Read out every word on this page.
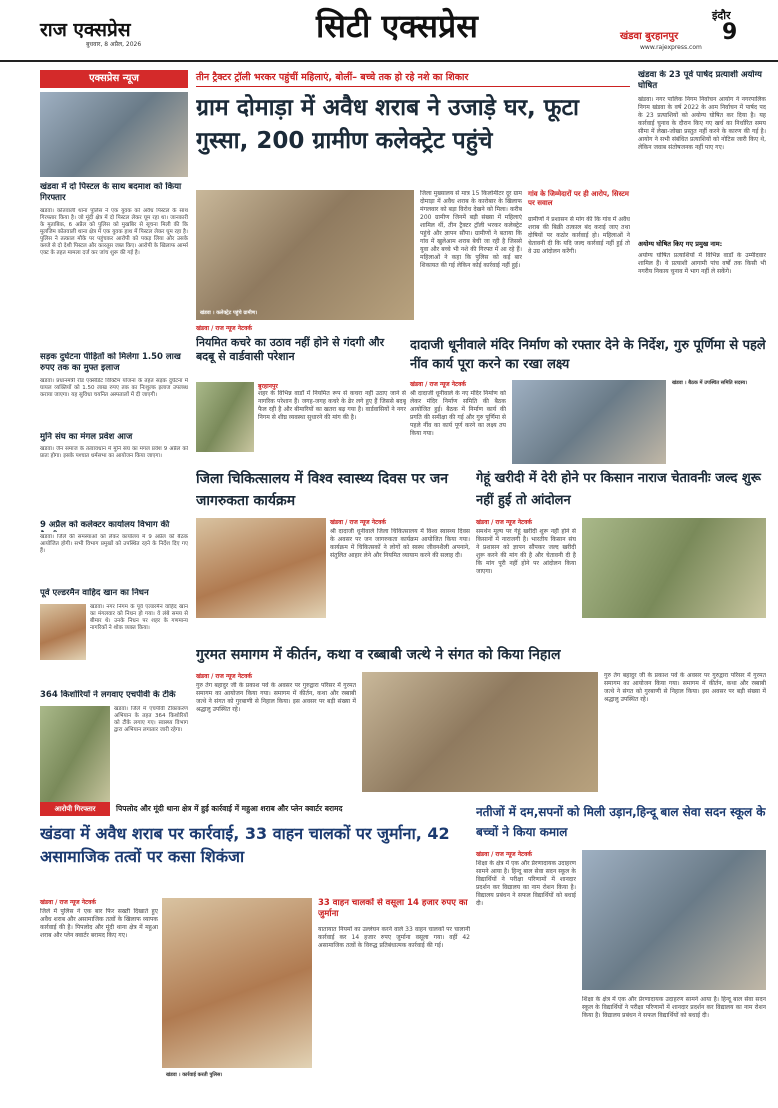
राज एक्सप्रेस
बुधवार, 8 अप्रैल, 2026	सिटी एक्सप्रेस	खंडवा बुरहानपुर
इंदौर
9
www.rajexpress.com
एक्सप्रेस न्यूज
खंडवा में दो पिस्टल के साथ बदमाश को किया गिरफ्तार
खंडवा। कोतवाली थाना पुलिस ने एक युवक को अवैध पिस्टल के साथ गिरफ्तार किया है। जो मूंदी क्षेत्र में दो पिस्टल लेकर घूम रहा था। जानकारी के मुताबिक, 6 अप्रैल को पुलिस को मुखबिर से सूचना मिली की कि मुलजिम कोतवाली थाना क्षेत्र में एक युवक हाथ में पिस्टल लेकर घूम रहा है। पुलिस ने तत्काल मौके पर पहुंचकर आरोपी को पकड़ लिया और उसके कब्जे से दो देशी पिस्टल और कारतूस जब्त किए। आरोपी के खिलाफ आर्म्स एक्ट के तहत मामला दर्ज कर जांच शुरू की गई है।
सड़क दुर्घटना पीड़ितों को मिलेगा 1.50 लाख रुपए तक का मुफ्त इलाज
खंडवा। प्रधानमंत्री रोड एक्सीडेंट विक्टिम योजना के तहत सड़क दुर्घटना में घायल व्यक्तियों को 1.50 लाख रुपए तक का निःशुल्क इलाज उपलब्ध कराया जाएगा। यह सुविधा चयनित अस्पतालों में दी जाएगी।
मुनि संघ का मंगल प्रवेश आज
खंडवा। जैन समाज के तत्वावधान में मुनि संघ का मंगल प्रवेश 9 अप्रैल को प्रातः होगा। इसके पश्चात धर्मसभा का आयोजन किया जाएगा।
9 अप्रैल को कलेक्टर कार्यालय विभाग की
खंडवा। जिले की समस्याओं को लेकर कार्यालय में 9 अप्रैल को बैठक आयोजित होगी। सभी विभाग प्रमुखों को उपस्थित रहने के निर्देश दिए गए हैं।
पूर्व एल्डरमैन वाहिद खान का निधन
खंडवा। नगर निगम के पूर्व एल्डरमैन वाहिद खान का मंगलवार को निधन हो गया। वे लंबे समय से बीमार थे। उनके निधन पर शहर के गणमान्य नागरिकों ने शोक व्यक्त किया।
364 किशोरियों ने लगवाए एचपीवी के टीके
खंडवा। जिले में एचपीवी टीकाकरण अभियान के तहत 364 किशोरियों को टीके लगाए गए। स्वास्थ्य विभाग द्वारा अभियान लगातार जारी रहेगा।
तीन ट्रैक्टर ट्रॉली भरकर पहुंचीं महिलाएं, बोलीं– बच्चे तक हो रहे नशे का शिकार
ग्राम दोमाड़ा में अवैध शराब ने उजाड़े घर, फूटा गुस्सा, 200 ग्रामीण कलेक्ट्रेट पहुंचे
खंडवा । कलेक्ट्रेट पहुंचे ग्रामीण।
खंडवा / राज न्यूज नेटवर्क
जिला मुख्यालय से मात्र 15 किलोमीटर दूर ग्राम दोमाड़ा में अवैध शराब के कारोबार के खिलाफ मंगलवार को बड़ा विरोध देखने को मिला। करीब 200 ग्रामीण जिनमें बड़ी संख्या में महिलाएं शामिल थीं, तीन ट्रैक्टर ट्रॉली भरकर कलेक्ट्रेट पहुंचे और ज्ञापन सौंपा। ग्रामीणों ने बताया कि गांव में खुलेआम शराब बेची जा रही है जिससे युवा और बच्चे भी नशे की गिरफ्त में आ रहे हैं। महिलाओं ने कहा कि पुलिस को कई बार शिकायत की गई लेकिन कोई कार्रवाई नहीं हुई।
गांव के जिम्मेदारों पर ही आरोप, सिस्टम पर सवाल
ग्रामीणों ने प्रशासन से मांग की कि गांव में अवैध शराब की बिक्री तत्काल बंद कराई जाए तथा दोषियों पर कठोर कार्रवाई हो। महिलाओं ने चेतावनी दी कि यदि जल्द कार्रवाई नहीं हुई तो वे उग्र आंदोलन करेंगी।
खंडवा के 23 पूर्व पार्षद प्रत्याशी अयोग्य घोषित
खंडवा। नगर पालिक निगम निर्वाचन आयोग ने नगरपालिक निगम खंडवा के वर्ष 2022 के आम निर्वाचन में पार्षद पद के 23 प्रत्याशियों को अयोग्य घोषित कर दिया है। यह कार्रवाई चुनाव के दौरान किए गए खर्च का निर्धारित समय सीमा में लेखा-जोखा प्रस्तुत नहीं करने के कारण की गई है। आयोग ने सभी संबंधित प्रत्याशियों को नोटिस जारी किए थे, लेकिन जवाब संतोषजनक नहीं पाए गए।
अयोग्य घोषित किए गए प्रमुख नाम:
अयोग्य घोषित प्रत्याशियों में विभिन्न वार्डों के उम्मीदवार शामिल हैं। ये प्रत्याशी आगामी पांच वर्षों तक किसी भी नगरीय निकाय चुनाव में भाग नहीं ले सकेंगे।
नियमित कचरे का उठाव नहीं होने से गंदगी और बदबू से वार्डवासी परेशान
बुरहानपुर
शहर के विभिन्न वार्डों में नियमित रूप से कचरा नहीं उठाए जाने से नागरिक परेशान हैं। जगह-जगह कचरे के ढेर लगे हुए हैं जिससे बदबू फैल रही है और बीमारियों का खतरा बढ़ गया है। वार्डवासियों ने नगर निगम से शीघ्र व्यवस्था सुधारने की मांग की है।
दादाजी धूनीवाले मंदिर निर्माण को रफ्तार देने के निर्देश, गुरु पूर्णिमा से पहले नींव कार्य पूरा करने का रखा लक्ष्य
खंडवा / राज न्यूज नेटवर्क
श्री दादाजी धूनीवाले के नए मंदिर निर्माण को लेकर मंदिर निर्माण समिति की बैठक आयोजित हुई। बैठक में निर्माण कार्य की प्रगति की समीक्षा की गई और गुरु पूर्णिमा से पहले नींव का कार्य पूर्ण करने का लक्ष्य तय किया गया।
खंडवा । बैठक में उपस्थित समिति सदस्य।
जिला चिकित्सालय में विश्व स्वास्थ्य दिवस पर जन जागरुकता कार्यक्रम
खंडवा / राज न्यूज नेटवर्क
श्री दादाजी धूनीवाले जिला चिकित्सालय में विश्व स्वास्थ्य दिवस के अवसर पर जन जागरुकता कार्यक्रम आयोजित किया गया। कार्यक्रम में चिकित्सकों ने लोगों को स्वस्थ जीवनशैली अपनाने, संतुलित आहार लेने और नियमित व्यायाम करने की सलाह दी।
गेहूं खरीदी में देरी होने पर किसान नाराज चेतावनीः जल्द शुरू नहीं हुई तो आंदोलन
खंडवा / राज न्यूज नेटवर्क
समर्थन मूल्य पर गेहूं खरीदी शुरू नहीं होने से किसानों में नाराजगी है। भारतीय किसान संघ ने प्रशासन को ज्ञापन सौंपकर जल्द खरीदी शुरू करने की मांग की है और चेतावनी दी है कि मांग पूरी नहीं होने पर आंदोलन किया जाएगा।
गुरमत समागम में कीर्तन, कथा व रब्बाबी जत्थे ने संगत को किया निहाल
खंडवा / राज न्यूज नेटवर्क
गुरु तेग बहादुर जी के प्रकाश पर्व के अवसर पर गुरुद्वारा परिसर में गुरमत समागम का आयोजन किया गया। समागम में कीर्तन, कथा और रब्बाबी जत्थे ने संगत को गुरबाणी से निहाल किया। इस अवसर पर बड़ी संख्या में श्रद्धालु उपस्थित रहे।
गुरु तेग बहादुर जी के प्रकाश पर्व के अवसर पर गुरुद्वारा परिसर में गुरमत समागम का आयोजन किया गया। समागम में कीर्तन, कथा और रब्बाबी जत्थे ने संगत को गुरबाणी से निहाल किया। इस अवसर पर बड़ी संख्या में श्रद्धालु उपस्थित रहे।
आरोपी गिरफ्तार	पिपलोद और मूंदी थाना क्षेत्र में हुई कार्रवाई में महुआ शराब और प्लेन क्वार्टर बरामद
खंडवा में अवैध शराब पर कार्रवाई, 33 वाहन चालकों पर जुर्माना, 42 असामाजिक तत्वों पर कसा शिकंजा
खंडवा / राज न्यूज नेटवर्क
जिले में पुलिस ने एक बार फिर सख्ती दिखाते हुए अवैध शराब और असामाजिक तत्वों के खिलाफ व्यापक कार्रवाई की है। पिपलोद और मूंदी थाना क्षेत्र में महुआ शराब और प्लेन क्वार्टर बरामद किए गए।
खंडवा । कार्रवाई करती पुलिस।
33 वाहन चालकों से वसूला 14 हजार रुपए का जुर्माना
यातायात नियमों का उल्लंघन करने वाले 33 वाहन चालकों पर चालानी कार्रवाई कर 14 हजार रुपए जुर्माना वसूला गया। वहीं 42 असामाजिक तत्वों के विरुद्ध प्रतिबंधात्मक कार्रवाई की गई।
नतीजों में दम,सपनों को मिली उड़ान,हिन्दू बाल सेवा सदन स्कूल के बच्चों ने किया कमाल
खंडवा / राज न्यूज नेटवर्क
शिक्षा के क्षेत्र में एक और प्रेरणादायक उदाहरण सामने आया है। हिन्दू बाल सेवा सदन स्कूल के विद्यार्थियों ने परीक्षा परिणामों में शानदार प्रदर्शन कर विद्यालय का नाम रोशन किया है। विद्यालय प्रबंधन ने सफल विद्यार्थियों को बधाई दी।
शिक्षा के क्षेत्र में एक और प्रेरणादायक उदाहरण सामने आया है। हिन्दू बाल सेवा सदन स्कूल के विद्यार्थियों ने परीक्षा परिणामों में शानदार प्रदर्शन कर विद्यालय का नाम रोशन किया है। विद्यालय प्रबंधन ने सफल विद्यार्थियों को बधाई दी।
